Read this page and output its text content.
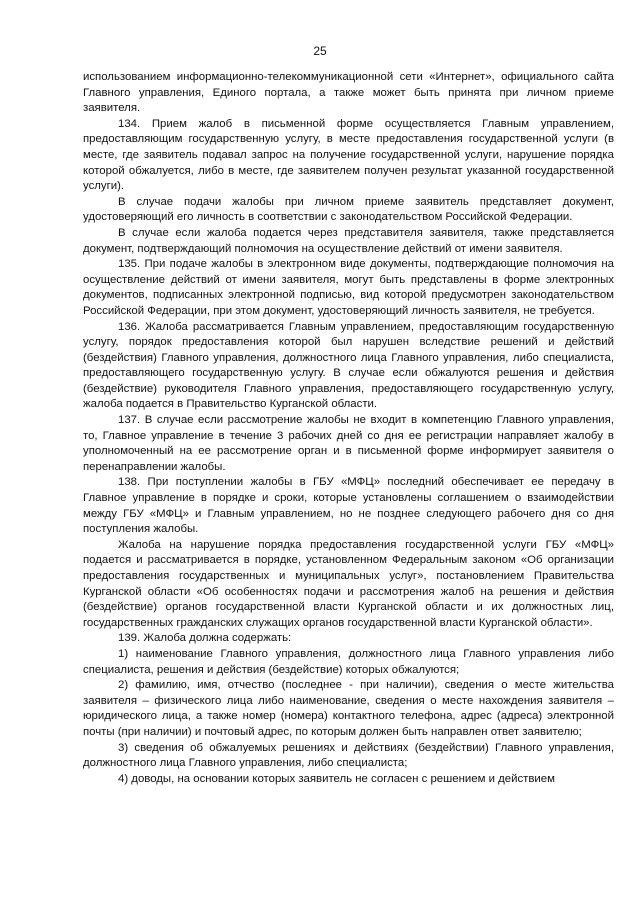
25

использованием информационно-телекоммуникационной сети «Интернет», официального сайта Главного управления, Единого портала, а также может быть принята при личном приеме заявителя.

134. Прием жалоб в письменной форме осуществляется Главным управлением, предоставляющим государственную услугу, в месте предоставления государственной услуги (в месте, где заявитель подавал запрос на получение государственной услуги, нарушение порядка которой обжалуется, либо в месте, где заявителем получен результат указанной государственной услуги).

В случае подачи жалобы при личном приеме заявитель представляет документ, удостоверяющий его личность в соответствии с законодательством Российской Федерации.

В случае если жалоба подается через представителя заявителя, также представляется документ, подтверждающий полномочия на осуществление действий от имени заявителя.

135. При подаче жалобы в электронном виде документы, подтверждающие полномочия на осуществление действий от имени заявителя, могут быть представлены в форме электронных документов, подписанных электронной подписью, вид которой предусмотрен законодательством Российской Федерации, при этом документ, удостоверяющий личность заявителя, не требуется.

136. Жалоба рассматривается Главным управлением, предоставляющим государственную услугу, порядок предоставления которой был нарушен вследствие решений и действий (бездействия) Главного управления, должностного лица Главного управления, либо специалиста, предоставляющего государственную услугу. В случае если обжалуются решения и действия (бездействие) руководителя Главного управления, предоставляющего государственную услугу, жалоба подается в Правительство Курганской области.

137. В случае если рассмотрение жалобы не входит в компетенцию Главного управления, то, Главное управление в течение 3 рабочих дней со дня ее регистрации направляет жалобу в уполномоченный на ее рассмотрение орган и в письменной форме информирует заявителя о перенаправлении жалобы.

138. При поступлении жалобы в ГБУ «МФЦ» последний обеспечивает ее передачу в Главное управление в порядке и сроки, которые установлены соглашением о взаимодействии между ГБУ «МФЦ» и Главным управлением, но не позднее следующего рабочего дня со дня поступления жалобы.

Жалоба на нарушение порядка предоставления государственной услуги ГБУ «МФЦ» подается и рассматривается в порядке, установленном Федеральным законом «Об организации предоставления государственных и муниципальных услуг», постановлением Правительства Курганской области «Об особенностях подачи и рассмотрения жалоб на решения и действия (бездействие) органов государственной власти Курганской области и их должностных лиц, государственных гражданских служащих органов государственной власти Курганской области».

139. Жалоба должна содержать:

1) наименование Главного управления, должностного лица Главного управления либо специалиста, решения и действия (бездействие) которых обжалуются;

2) фамилию, имя, отчество (последнее - при наличии), сведения о месте жительства заявителя – физического лица либо наименование, сведения о месте нахождения заявителя – юридического лица, а также номер (номера) контактного телефона, адрес (адреса) электронной почты (при наличии) и почтовый адрес, по которым должен быть направлен ответ заявителю;

3) сведения об обжалуемых решениях и действиях (бездействии) Главного управления, должностного лица Главного управления, либо специалиста;

4) доводы, на основании которых заявитель не согласен с решением и действием
